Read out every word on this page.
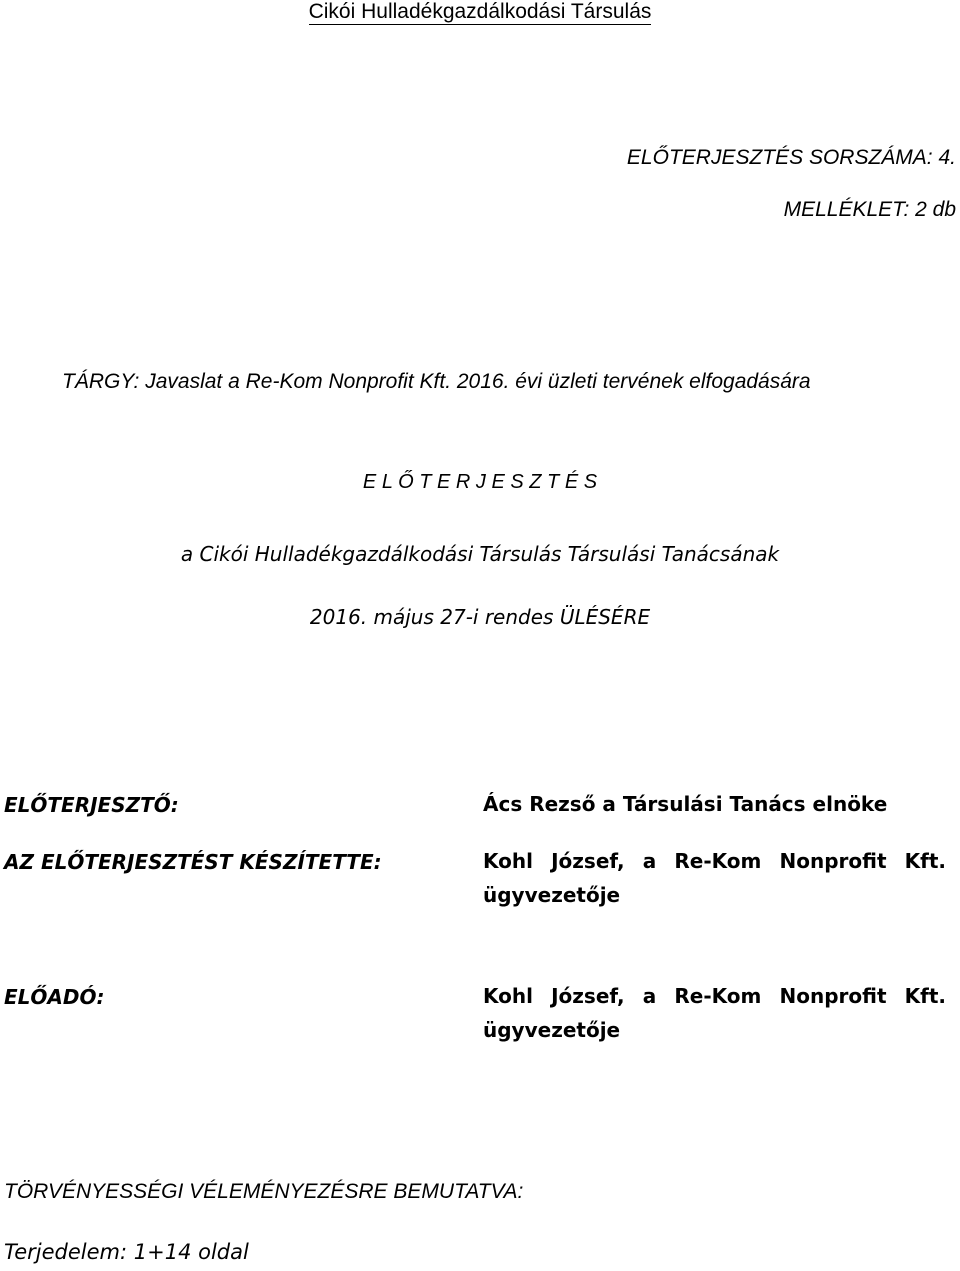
Cikói Hulladékgazdálkodási Társulás
ELŐTERJESZTÉS SORSZÁMA: 4.
MELLÉKLET: 2 db
TÁRGY: Javaslat a Re-Kom Nonprofit Kft. 2016. évi üzleti tervének elfogadására
E L Ő T E R J E S Z T É S
a Cikói Hulladékgazdálkodási Társulás Társulási Tanácsának
2016. május 27-i rendes ÜLÉSÉRE
ELŐTERJESZTŐ:	Ács Rezső a Társulási Tanács elnöke
AZ ELŐTERJESZTÉST KÉSZÍTETTE:	Kohl József, a Re-Kom Nonprofit Kft.
ügyvezetője
ELŐADÓ:	Kohl József, a Re-Kom Nonprofit Kft.
ügyvezetője
TÖRVÉNYESSÉGI VÉLEMÉNYEZÉSRE BEMUTATVA:
Terjedelem: 1+14 oldal
